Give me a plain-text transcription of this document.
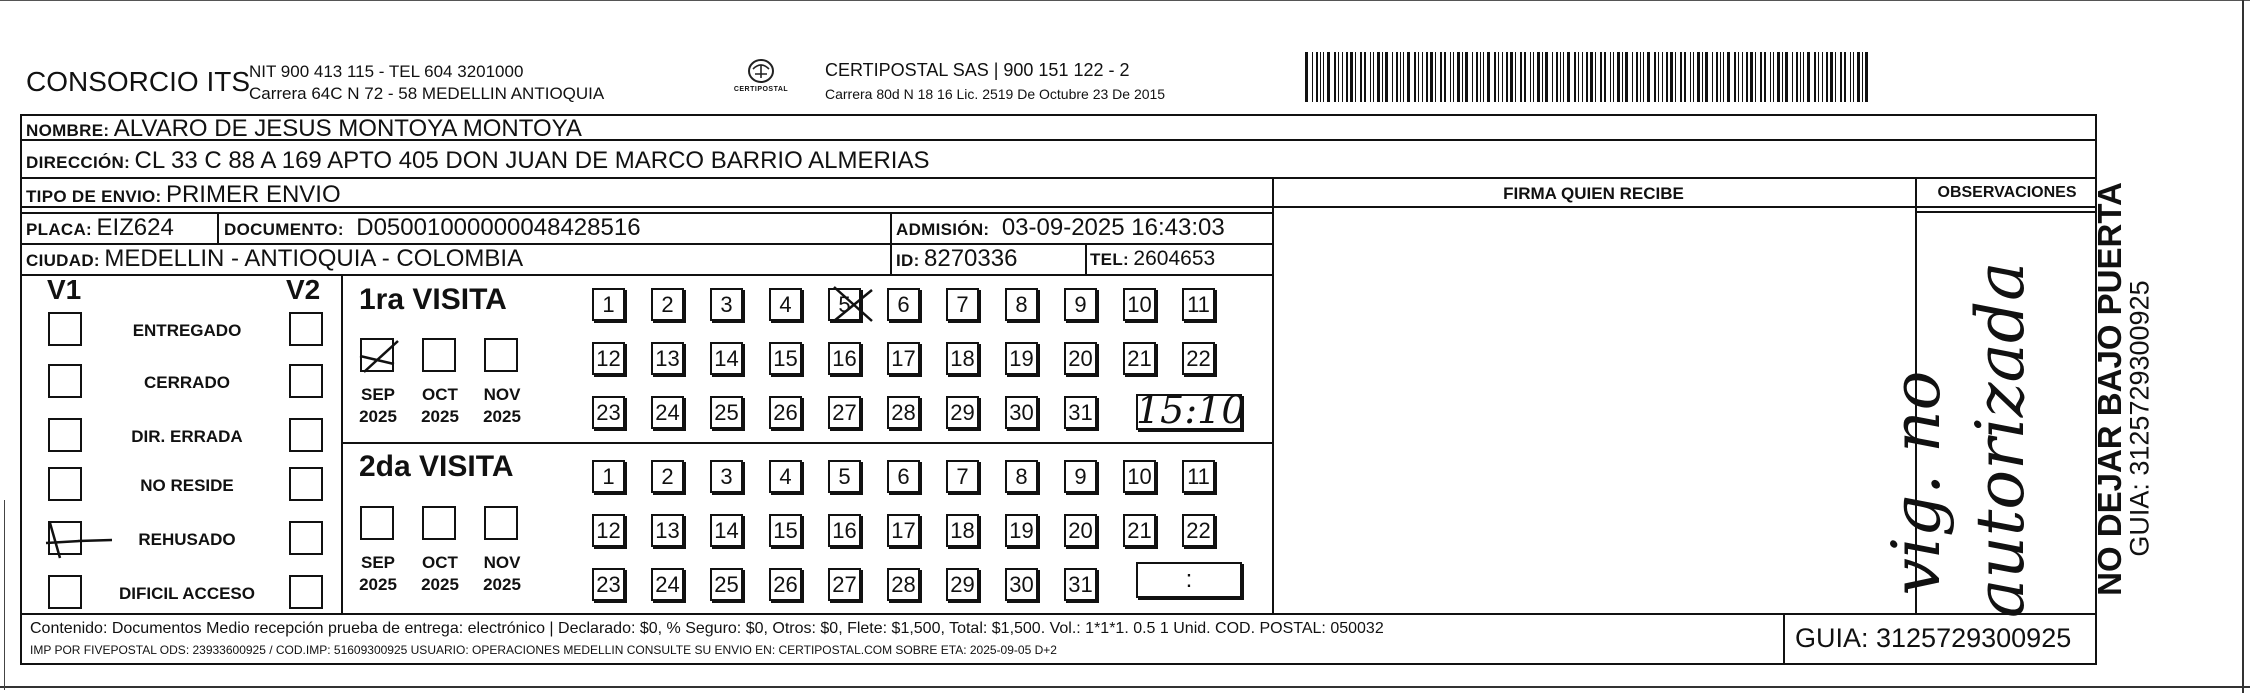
CONSORCIO ITS
NIT 900 413 115 - TEL 604 3201000
Carrera 64C N 72 - 58 MEDELLIN ANTIOQUIA	CERTIPOSTAL
CERTIPOSTAL SAS | 900 151 122 - 2
Carrera 80d N 18 16 Lic. 2519 De Octubre 23 De 2015
NOMBRE: ALVARO DE JESUS MONTOYA MONTOYA
DIRECCIÓN: CL 33 C 88 A 169 APTO 405 DON JUAN DE MARCO BARRIO ALMERIAS
TIPO DE ENVIO: PRIMER ENVIO	FIRMA QUIEN RECIBE	OBSERVACIONES
PLACA: EIZ624	DOCUMENTO: D05001000000048428516	ADMISIÓN: 03-09-2025 16:43:03
CIUDAD: MEDELLIN - ANTIOQUIA - COLOMBIA	ID: 8270336	TEL: 2604653
V1	V2 1ra VISITA
2da VISITA
ENTREGADO
CERRADO
DIR. ERRADA
NO RESIDE
REHUSADO
DIFICIL ACCESO
SEP
2025
OCT
2025
NOV
2025
SEP
2025
OCT
2025
NOV
2025
1	2	3	4	5	6	7	8	9	10 11
12 13 14 15 16 17 18 19 20 21 22
23 24 25 26 27 28 29 30 31
1	2	3	4	5	6	7	8	9	10 11
12 13 14 15 16 17 18 19 20 21 22
23 24 25 26 27 28 29 30 31
15:10
:	vig. no autorizada
Contenido: Documentos Medio recepción prueba de entrega: electrónico | Declarado: $0, % Seguro: $0, Otros: $0, Flete: $1,500, Total: $1,500. Vol.: 1*1*1. 0.5 1 Unid. COD. POSTAL: 050032
IMP POR FIVEPOSTAL ODS: 23933600925 / COD.IMP: 51609300925 USUARIO: OPERACIONES MEDELLIN CONSULTE SU ENVIO EN: CERTIPOSTAL.COM SOBRE ETA: 2025-09-05 D+2	GUIA: 3125729300925
NO DEJAR BAJO PUERTA
GUIA: 3125729300925
